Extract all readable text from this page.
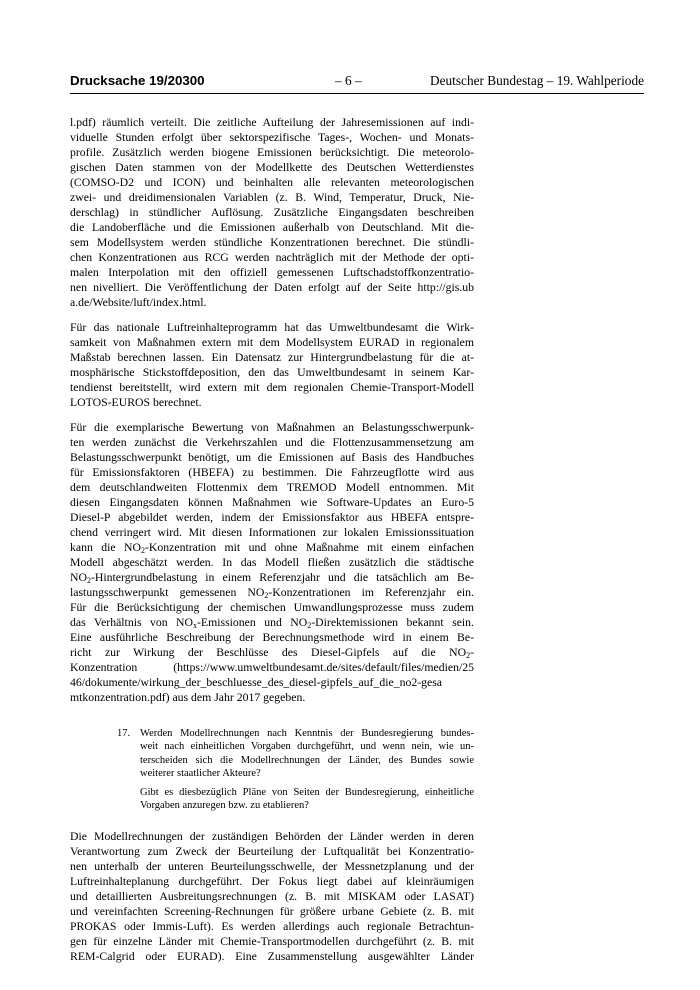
Drucksache 19/20300	– 6 –	Deutscher Bundestag – 19. Wahlperiode

l.pdf) räumlich verteilt. Die zeitliche Aufteilung der Jahresemissionen auf indi-
viduelle Stunden erfolgt über sektorspezifische Tages-, Wochen- und Monats-
profile. Zusätzlich werden biogene Emissionen berücksichtigt. Die meteorolo-
gischen Daten stammen von der Modellkette des Deutschen Wetterdienstes
(COMSO-D2 und ICON) und beinhalten alle relevanten meteorologischen
zwei- und dreidimensionalen Variablen (z. B. Wind, Temperatur, Druck, Nie-
derschlag) in stündlicher Auflösung. Zusätzliche Eingangsdaten beschreiben
die Landoberfläche und die Emissionen außerhalb von Deutschland. Mit die-
sem Modellsystem werden stündliche Konzentrationen berechnet. Die stündli-
chen Konzentrationen aus RCG werden nachträglich mit der Methode der opti-
malen Interpolation mit den offiziell gemessenen Luftschadstoffkonzentratio-
nen nivelliert. Die Veröffentlichung der Daten erfolgt auf der Seite http://gis.ub
a.de/Website/luft/index.html.

Für das nationale Luftreinhalteprogramm hat das Umweltbundesamt die Wirk-
samkeit von Maßnahmen extern mit dem Modellsystem EURAD in regionalem
Maßstab berechnen lassen. Ein Datensatz zur Hintergrundbelastung für die at-
mosphärische Stickstoffdeposition, den das Umweltbundesamt in seinem Kar-
tendienst bereitstellt, wird extern mit dem regionalen Chemie-Transport-Modell
LOTOS-EUROS berechnet.

Für die exemplarische Bewertung von Maßnahmen an Belastungsschwerpunk-
ten werden zunächst die Verkehrszahlen und die Flottenzusammensetzung am
Belastungsschwerpunkt benötigt, um die Emissionen auf Basis des Handbuches
für Emissionsfaktoren (HBEFA) zu bestimmen. Die Fahrzeugflotte wird aus
dem deutschlandweiten Flottenmix dem TREMOD Modell entnommen. Mit
diesen Eingangsdaten können Maßnahmen wie Software-Updates an Euro-5
Diesel-P abgebildet werden, indem der Emissionsfaktor aus HBEFA entspre-
chend verringert wird. Mit diesen Informationen zur lokalen Emissionssituation
kann die $NO_2$-Konzentration mit und ohne Maßnahme mit einem einfachen
Modell abgeschätzt werden. In das Modell fließen zusätzlich die städtische
$NO_2$-Hintergrundbelastung in einem Referenzjahr und die tatsächlich am Be-
lastungsschwerpunkt gemessenen $NO_2$-Konzentrationen im Referenzjahr ein.
Für die Berücksichtigung der chemischen Umwandlungsprozesse muss zudem
das Verhältnis von $NO_x$-Emissionen und $NO_2$-Direktemissionen bekannt sein.
Eine ausführliche Beschreibung der Berechnungsmethode wird in einem Be-
richt zur Wirkung der Beschlüsse des Diesel-Gipfels auf die $NO_2-$
Konzentration (https://www.umweltbundesamt.de/sites/default/files/medien/25
46/dokumente/wirkung_der_beschluesse_des_diesel-gipfels_auf_die_no2-gesa
mtkonzentration.pdf) aus dem Jahr 2017 gegeben.

17. Werden Modellrechnungen nach Kenntnis der Bundesregierung bundes-
weit nach einheitlichen Vorgaben durchgeführt, und wenn nein, wie un-
terscheiden sich die Modellrechnungen der Länder, des Bundes sowie
weiterer staatlicher Akteure?
Gibt es diesbezüglich Pläne von Seiten der Bundesregierung, einheitliche
Vorgaben anzuregen bzw. zu etablieren?

Die Modellrechnungen der zuständigen Behörden der Länder werden in deren
Verantwortung zum Zweck der Beurteilung der Luftqualität bei Konzentratio-
nen unterhalb der unteren Beurteilungsschwelle, der Messnetzplanung und der
Luftreinhalteplanung durchgeführt. Der Fokus liegt dabei auf kleinräumigen
und detaillierten Ausbreitungsrechnungen (z. B. mit MISKAM oder LASAT)
und vereinfachten Screening-Rechnungen für größere urbane Gebiete (z. B. mit
PROKAS oder Immis-Luft). Es werden allerdings auch regionale Betrachtun-
gen für einzelne Länder mit Chemie-Transportmodellen durchgeführt (z. B. mit
REM-Calgrid oder EURAD). Eine Zusammenstellung ausgewählter Länder
